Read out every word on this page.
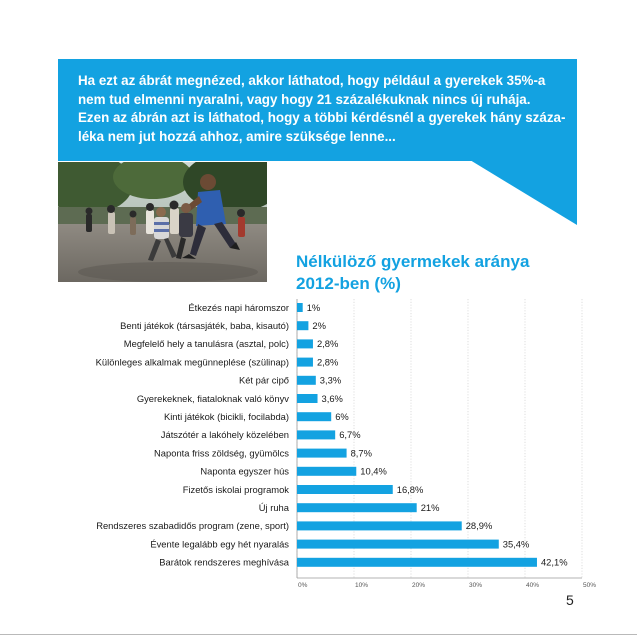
Ha ezt az ábrát megnézed, akkor láthatod, hogy például a gyerekek 35%-a
nem tud elmenni nyaralni, vagy hogy 21 százalékuknak nincs új ruhája.
Ezen az ábrán azt is láthatod, hogy a többi kérdésnél a gyerekek hány száza-
léka nem jut hozzá ahhoz, amire szüksége lenne...

Nélkülöző gyermekek aránya
2012-ben (%)
0%	10%	20%	30%	40%	50%
Étkezés napi háromszor 1%
Benti játékok (társasjáték, baba, kisautó) 2%
Megfelelő hely a tanulásra (asztal, polc)	2,8%
Különleges alkalmak megünneplése (szülinap)	2,8%
Két pár cipő	3,3%
Gyerekeknek, fiataloknak való könyv	3,6%
Kinti játékok (bicikli, focilabda)	6%
Játszótér a lakóhely közelében	6,7%
Naponta friss zöldség, gyümölcs	8,7%
Naponta egyszer hús	10,4%
Fizetős iskolai programok	16,8%
Új ruha	21%
Rendszeres szabadidős program (zene, sport)	28,9%
Évente legalább egy hét nyaralás	35,4%
Barátok rendszeres meghívása	42,1%
5
